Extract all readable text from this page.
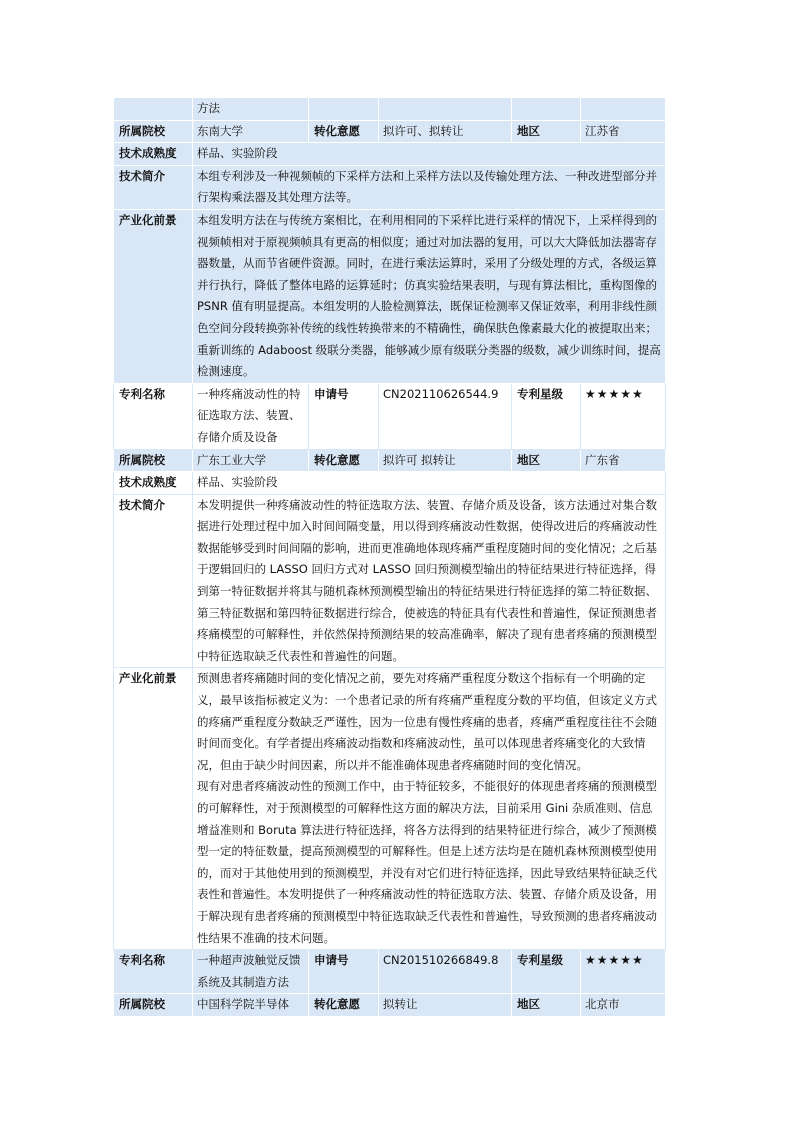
	方法				
所属院校	东南大学	转化意愿	拟许可、拟转让	地区	江苏省
技术成熟度	样品、实验阶段				
技术简介	本组专利涉及一种视频帧的下采样方法和上采样方法以及传输处理方法、一种改进型部分并行架构乘法器及其处理方法等。				
产业化前景	本组发明方法在与传统方案相比，在利用相同的下采样比进行采样的情况下，上采样得到的视频帧相对于原视频帧具有更高的相似度；通过对加法器的复用，可以大大降低加法器寄存器数量，从而节省硬件资源。同时，在进行乘法运算时，采用了分级处理的方式，各级运算并行执行，降低了整体电路的运算延时；仿真实验结果表明，与现有算法相比，重构图像的 PSNR 值有明显提高。本组发明的人脸检测算法，既保证检测率又保证效率，利用非线性颜色空间分段转换弥补传统的线性转换带来的不精确性，确保肤色像素最大化的被提取出来；重新训练的 Adaboost 级联分类器，能够减少原有级联分类器的级数，减少训练时间，提高检测速度。				
专利名称	一种疼痛波动性的特征选取方法、装置、存储介质及设备	申请号	CN202110626544.9	专利星级	★★★★★
所属院校	广东工业大学	转化意愿	拟许可 拟转让	地区	广东省
技术成熟度	样品、实验阶段				
技术简介	本发明提供一种疼痛波动性的特征选取方法、装置、存储介质及设备，该方法通过对集合数据进行处理过程中加入时间间隔变量，用以得到疼痛波动性数据，使得改进后的疼痛波动性数据能够受到时间间隔的影响，进而更准确地体现疼痛严重程度随时间的变化情况；之后基于逻辑回归的 LASSO 回归方式对 LASSO 回归预测模型输出的特征结果进行特征选择，得到第一特征数据并将其与随机森林预测模型输出的特征结果进行特征选择的第二特征数据、第三特征数据和第四特征数据进行综合，使被选的特征具有代表性和普遍性，保证预测患者疼痛模型的可解释性，并依然保持预测结果的较高准确率，解决了现有患者疼痛的预测模型中特征选取缺乏代表性和普遍性的问题。				
产业化前景	预测患者疼痛随时间的变化情况之前，要先对疼痛严重程度分数这个指标有一个明确的定义，最早该指标被定义为：一个患者记录的所有疼痛严重程度分数的平均值，但该定义方式的疼痛严重程度分数缺乏严谨性，因为一位患有慢性疼痛的患者，疼痛严重程度往往不会随时间而变化。有学者提出疼痛波动指数和疼痛波动性，虽可以体现患者疼痛变化的大致情况，但由于缺少时间因素，所以并不能准确体现患者疼痛随时间的变化情况。

现有对患者疼痛波动性的预测工作中，由于特征较多，不能很好的体现患者疼痛的预测模型的可解释性，对于预测模型的可解释性这方面的解决方法，目前采用 Gini 杂质准则、信息增益准则和 Boruta 算法进行特征选择，将各方法得到的结果特征进行综合，减少了预测模型一定的特征数量，提高预测模型的可解释性。但是上述方法均是在随机森林预测模型使用的，而对于其他使用到的预测模型，并没有对它们进行特征选择，因此导致结果特征缺乏代表性和普遍性。本发明提供了一种疼痛波动性的特征选取方法、装置、存储介质及设备，用于解决现有患者疼痛的预测模型中特征选取缺乏代表性和普遍性，导致预测的患者疼痛波动性结果不准确的技术问题。				

专利名称	一种超声波触觉反馈系统及其制造方法	申请号	CN201510266849.8	专利星级	★★★★★
所属院校	中国科学院半导体	转化意愿	拟转让	地区	北京市
